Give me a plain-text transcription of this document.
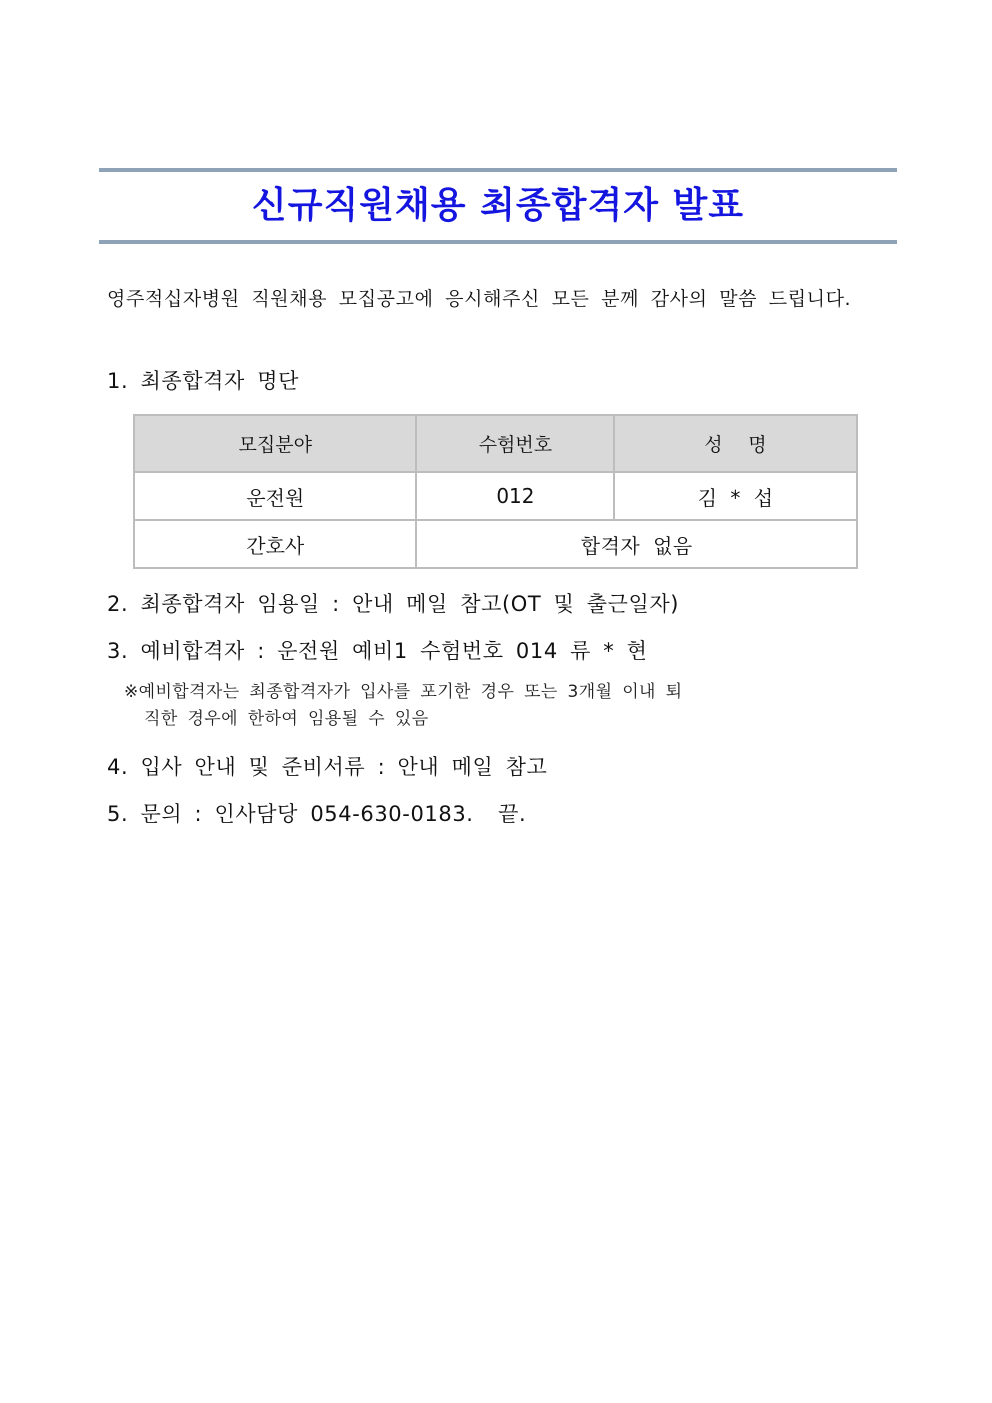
신규직원채용 최종합격자 발표
영주적십자병원 직원채용 모집공고에 응시해주신 모든 분께 감사의 말씀 드립니다.
1. 최종합격자 명단
모집분야	수험번호	성  명
운전원	012	김 * 섭
간호사	합격자 없음	
2. 최종합격자 임용일 : 안내 메일 참고(OT 및 출근일자)
3. 예비합격자 : 운전원 예비1 수험번호 014 류 * 현
※예비합격자는 최종합격자가 입사를 포기한 경우 또는 3개월 이내 퇴
직한 경우에 한하여 임용될 수 있음
4. 입사 안내 및 준비서류 : 안내 메일 참고
5. 문의 : 인사담당 054-630-0183.  끝.
